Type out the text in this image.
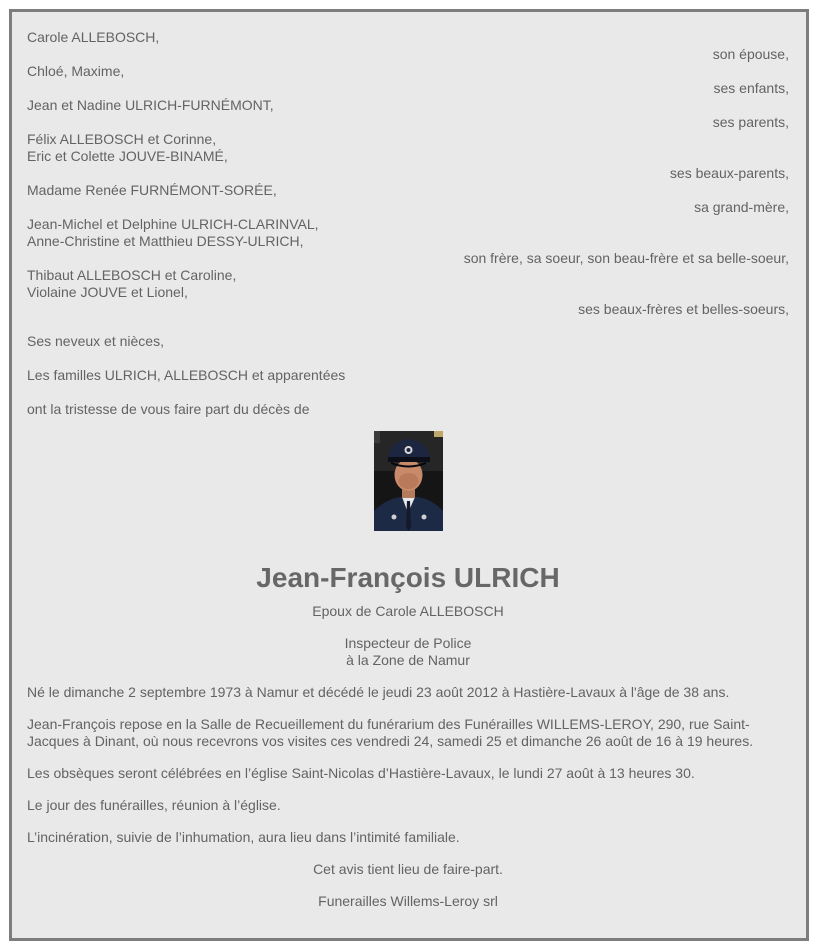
Carole ALLEBOSCH,
son épouse,
Chloé, Maxime,
ses enfants,
Jean et Nadine ULRICH-FURNÉMONT,
ses parents,
Félix ALLEBOSCH et Corinne,
Eric et Colette JOUVE-BINAMÉ,
ses beaux-parents,
Madame Renée FURNÉMONT-SORÉE,
sa grand-mère,
Jean-Michel et Delphine ULRICH-CLARINVAL,
Anne-Christine et Matthieu DESSY-ULRICH,
son frère, sa soeur, son beau-frère et sa belle-soeur,
Thibaut ALLEBOSCH et Caroline,
Violaine JOUVE et Lionel,
ses beaux-frères et belles-soeurs,
Ses neveux et nièces,
Les familles ULRICH, ALLEBOSCH et apparentées
ont la tristesse de vous faire part du décès de
Jean-François ULRICH
Epoux de Carole ALLEBOSCH
Inspecteur de Police
à la Zone de Namur
Né le dimanche 2 septembre 1973 à Namur et décédé le jeudi 23 août 2012 à Hastière-Lavaux à l'âge de 38 ans.
Jean-François repose en la Salle de Recueillement du funérarium des Funérailles WILLEMS-LEROY, 290, rue Saint-Jacques à Dinant, où nous recevrons vos visites ces vendredi 24, samedi 25 et dimanche 26 août de 16 à 19 heures.
Les obsèques seront célébrées en l’église Saint-Nicolas d’Hastière-Lavaux, le lundi 27 août à 13 heures 30.
Le jour des funérailles, réunion à l’église.
L’incinération, suivie de l’inhumation, aura lieu dans l’intimité familiale.
Cet avis tient lieu de faire-part.
Funerailles Willems-Leroy srl
